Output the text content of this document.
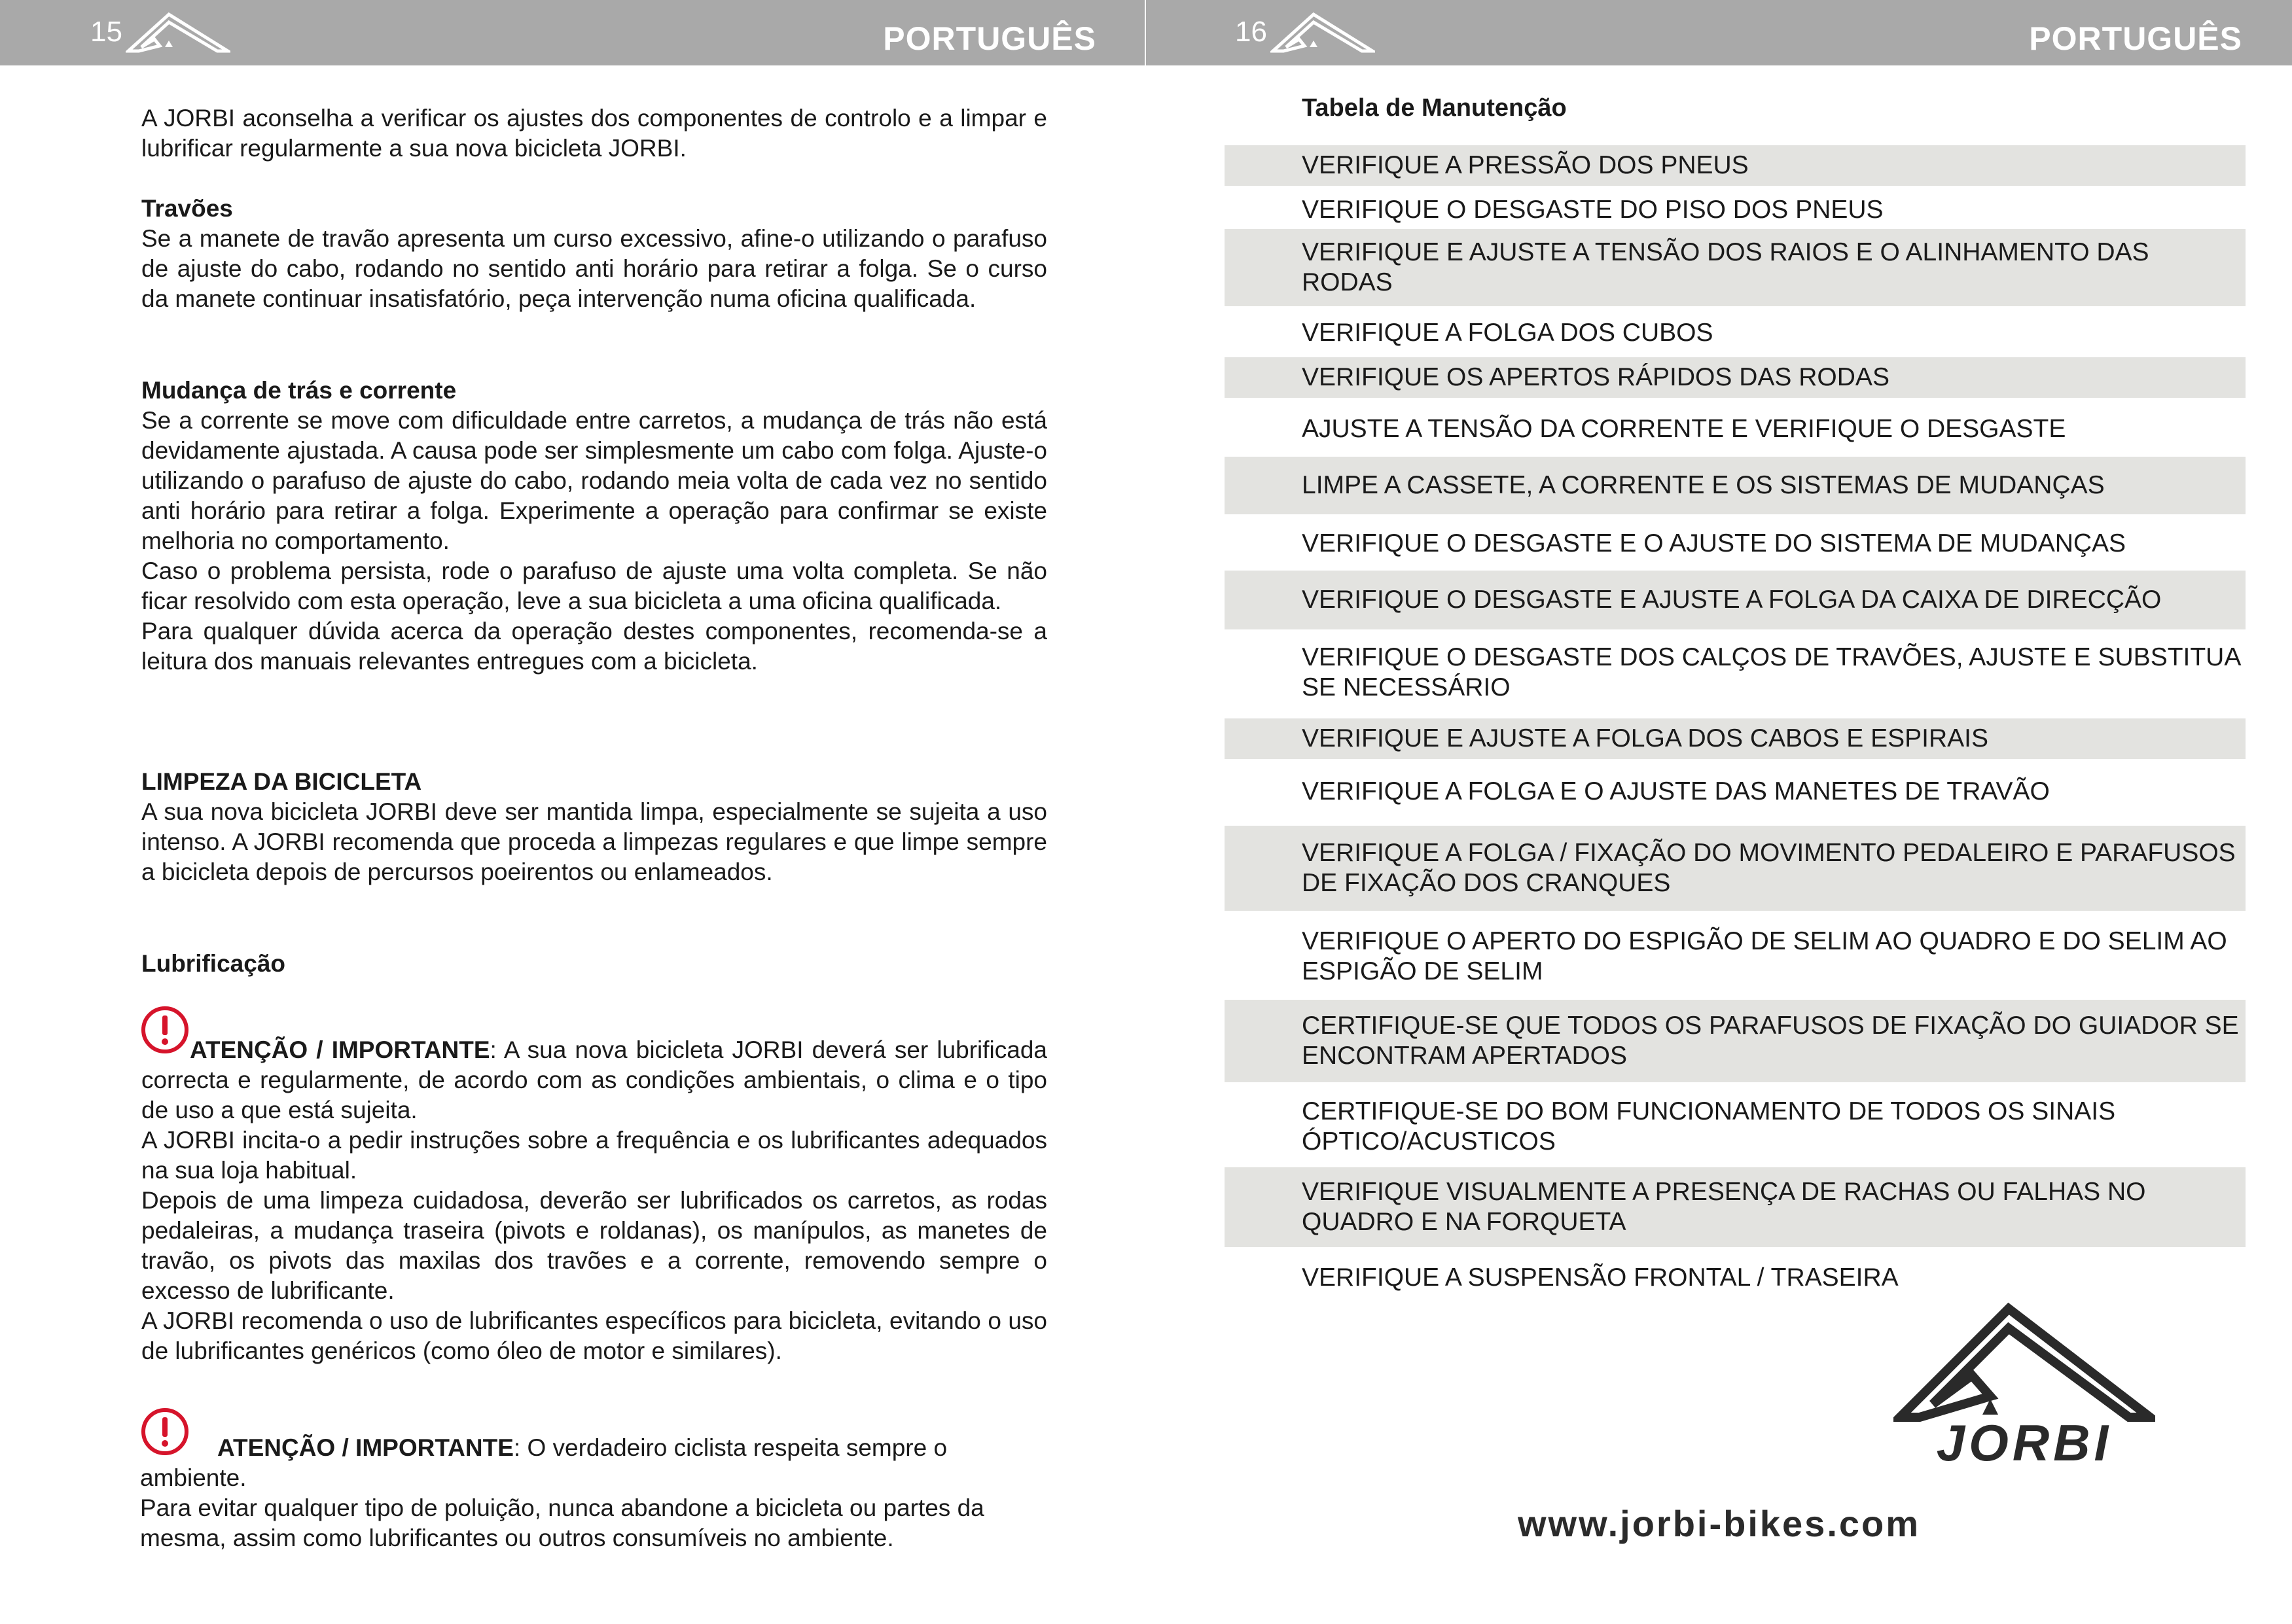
15	PORTUGUÊS

A JORBI aconselha a verificar os ajustes dos componentes de controlo e a limpar e lubrificar regularmente a sua nova bicicleta JORBI.

Travões

Se a manete de travão apresenta um curso excessivo, afine-o utilizando o parafuso de ajuste do cabo, rodando no sentido anti horário para retirar a folga. Se o curso da manete continuar insatisfatório, peça intervenção numa oficina qualificada.

Mudança de trás e corrente

Se a corrente se move com dificuldade entre carretos, a mudança de trás não está devidamente ajustada. A causa pode ser simplesmente um cabo com folga. Ajuste-o utilizando o parafuso de ajuste do cabo, rodando meia volta de cada vez no sentido anti horário para retirar a folga. Experimente a operação para confirmar se existe melhoria no comportamento.

Caso o problema persista, rode o parafuso de ajuste uma volta completa. Se não ficar resolvido com esta operação, leve a sua bicicleta a uma oficina qualificada.

Para qualquer dúvida acerca da operação destes componentes, recomenda-se a leitura dos manuais relevantes entregues com a bicicleta.

LIMPEZA DA BICICLETA

A sua nova bicicleta JORBI deve ser mantida limpa, especialmente se sujeita a uso intenso. A JORBI recomenda que proceda a limpezas regulares e que limpe sempre a bicicleta depois de percursos poeirentos ou enlameados.

Lubrificação

ATENÇÃO / IMPORTANTE: A sua nova bicicleta JORBI deverá ser lubrificada correcta e regularmente, de acordo com as condições ambientais, o clima e o tipo de uso a que está sujeita.

A JORBI incita-o a pedir instruções sobre a frequência e os lubrificantes adequados na sua loja habitual.

Depois de uma limpeza cuidadosa, deverão ser lubrificados os carretos, as rodas pedaleiras, a mudança traseira (pivots e roldanas), os manípulos, as manetes de travão, os pivots das maxilas dos travões e a corrente, removendo sempre o excesso de lubrificante.

A JORBI recomenda o uso de lubrificantes específicos para bicicleta, evitando o uso de lubrificantes genéricos (como óleo de motor e similares).

ATENÇÃO / IMPORTANTE: O verdadeiro ciclista respeita sempre o ambiente.

Para evitar qualquer tipo de poluição, nunca abandone a bicicleta ou partes da mesma, assim como lubrificantes ou outros consumíveis no ambiente.

16	PORTUGUÊS
Tabela de Manutenção
VERIFIQUE A PRESSÃO DOS PNEUS
VERIFIQUE O DESGASTE DO PISO DOS PNEUS
VERIFIQUE E AJUSTE A TENSÃO DOS RAIOS E O ALINHAMENTO DAS RODAS
VERIFIQUE A FOLGA DOS CUBOS
VERIFIQUE OS APERTOS RÁPIDOS DAS RODAS
AJUSTE A TENSÃO DA CORRENTE E VERIFIQUE O DESGASTE
LIMPE A CASSETE, A CORRENTE E OS SISTEMAS DE MUDANÇAS
VERIFIQUE O DESGASTE E O AJUSTE DO SISTEMA DE MUDANÇAS
VERIFIQUE O DESGASTE E AJUSTE A FOLGA DA CAIXA DE DIRECÇÃO
VERIFIQUE O DESGASTE DOS CALÇOS DE TRAVÕES, AJUSTE E SUBSTITUA SE NECESSÁRIO
VERIFIQUE E AJUSTE A FOLGA DOS CABOS E ESPIRAIS
VERIFIQUE A FOLGA E O AJUSTE DAS MANETES DE TRAVÃO
VERIFIQUE A FOLGA / FIXAÇÃO DO MOVIMENTO PEDALEIRO E PARAFUSOS DE FIXAÇÃO DOS CRANQUES
VERIFIQUE O APERTO DO ESPIGÃO DE SELIM AO QUADRO E DO SELIM AO ESPIGÃO DE SELIM
CERTIFIQUE-SE QUE TODOS OS PARAFUSOS DE FIXAÇÃO DO GUIADOR SE ENCONTRAM APERTADOS
CERTIFIQUE-SE DO BOM FUNCIONAMENTO DE TODOS OS SINAIS ÓPTICO/ACUSTICOS
VERIFIQUE VISUALMENTE A PRESENÇA DE RACHAS OU FALHAS NO QUADRO E NA FORQUETA
VERIFIQUE A SUSPENSÃO FRONTAL / TRASEIRA
JORBI
www.jorbi-bikes.com
